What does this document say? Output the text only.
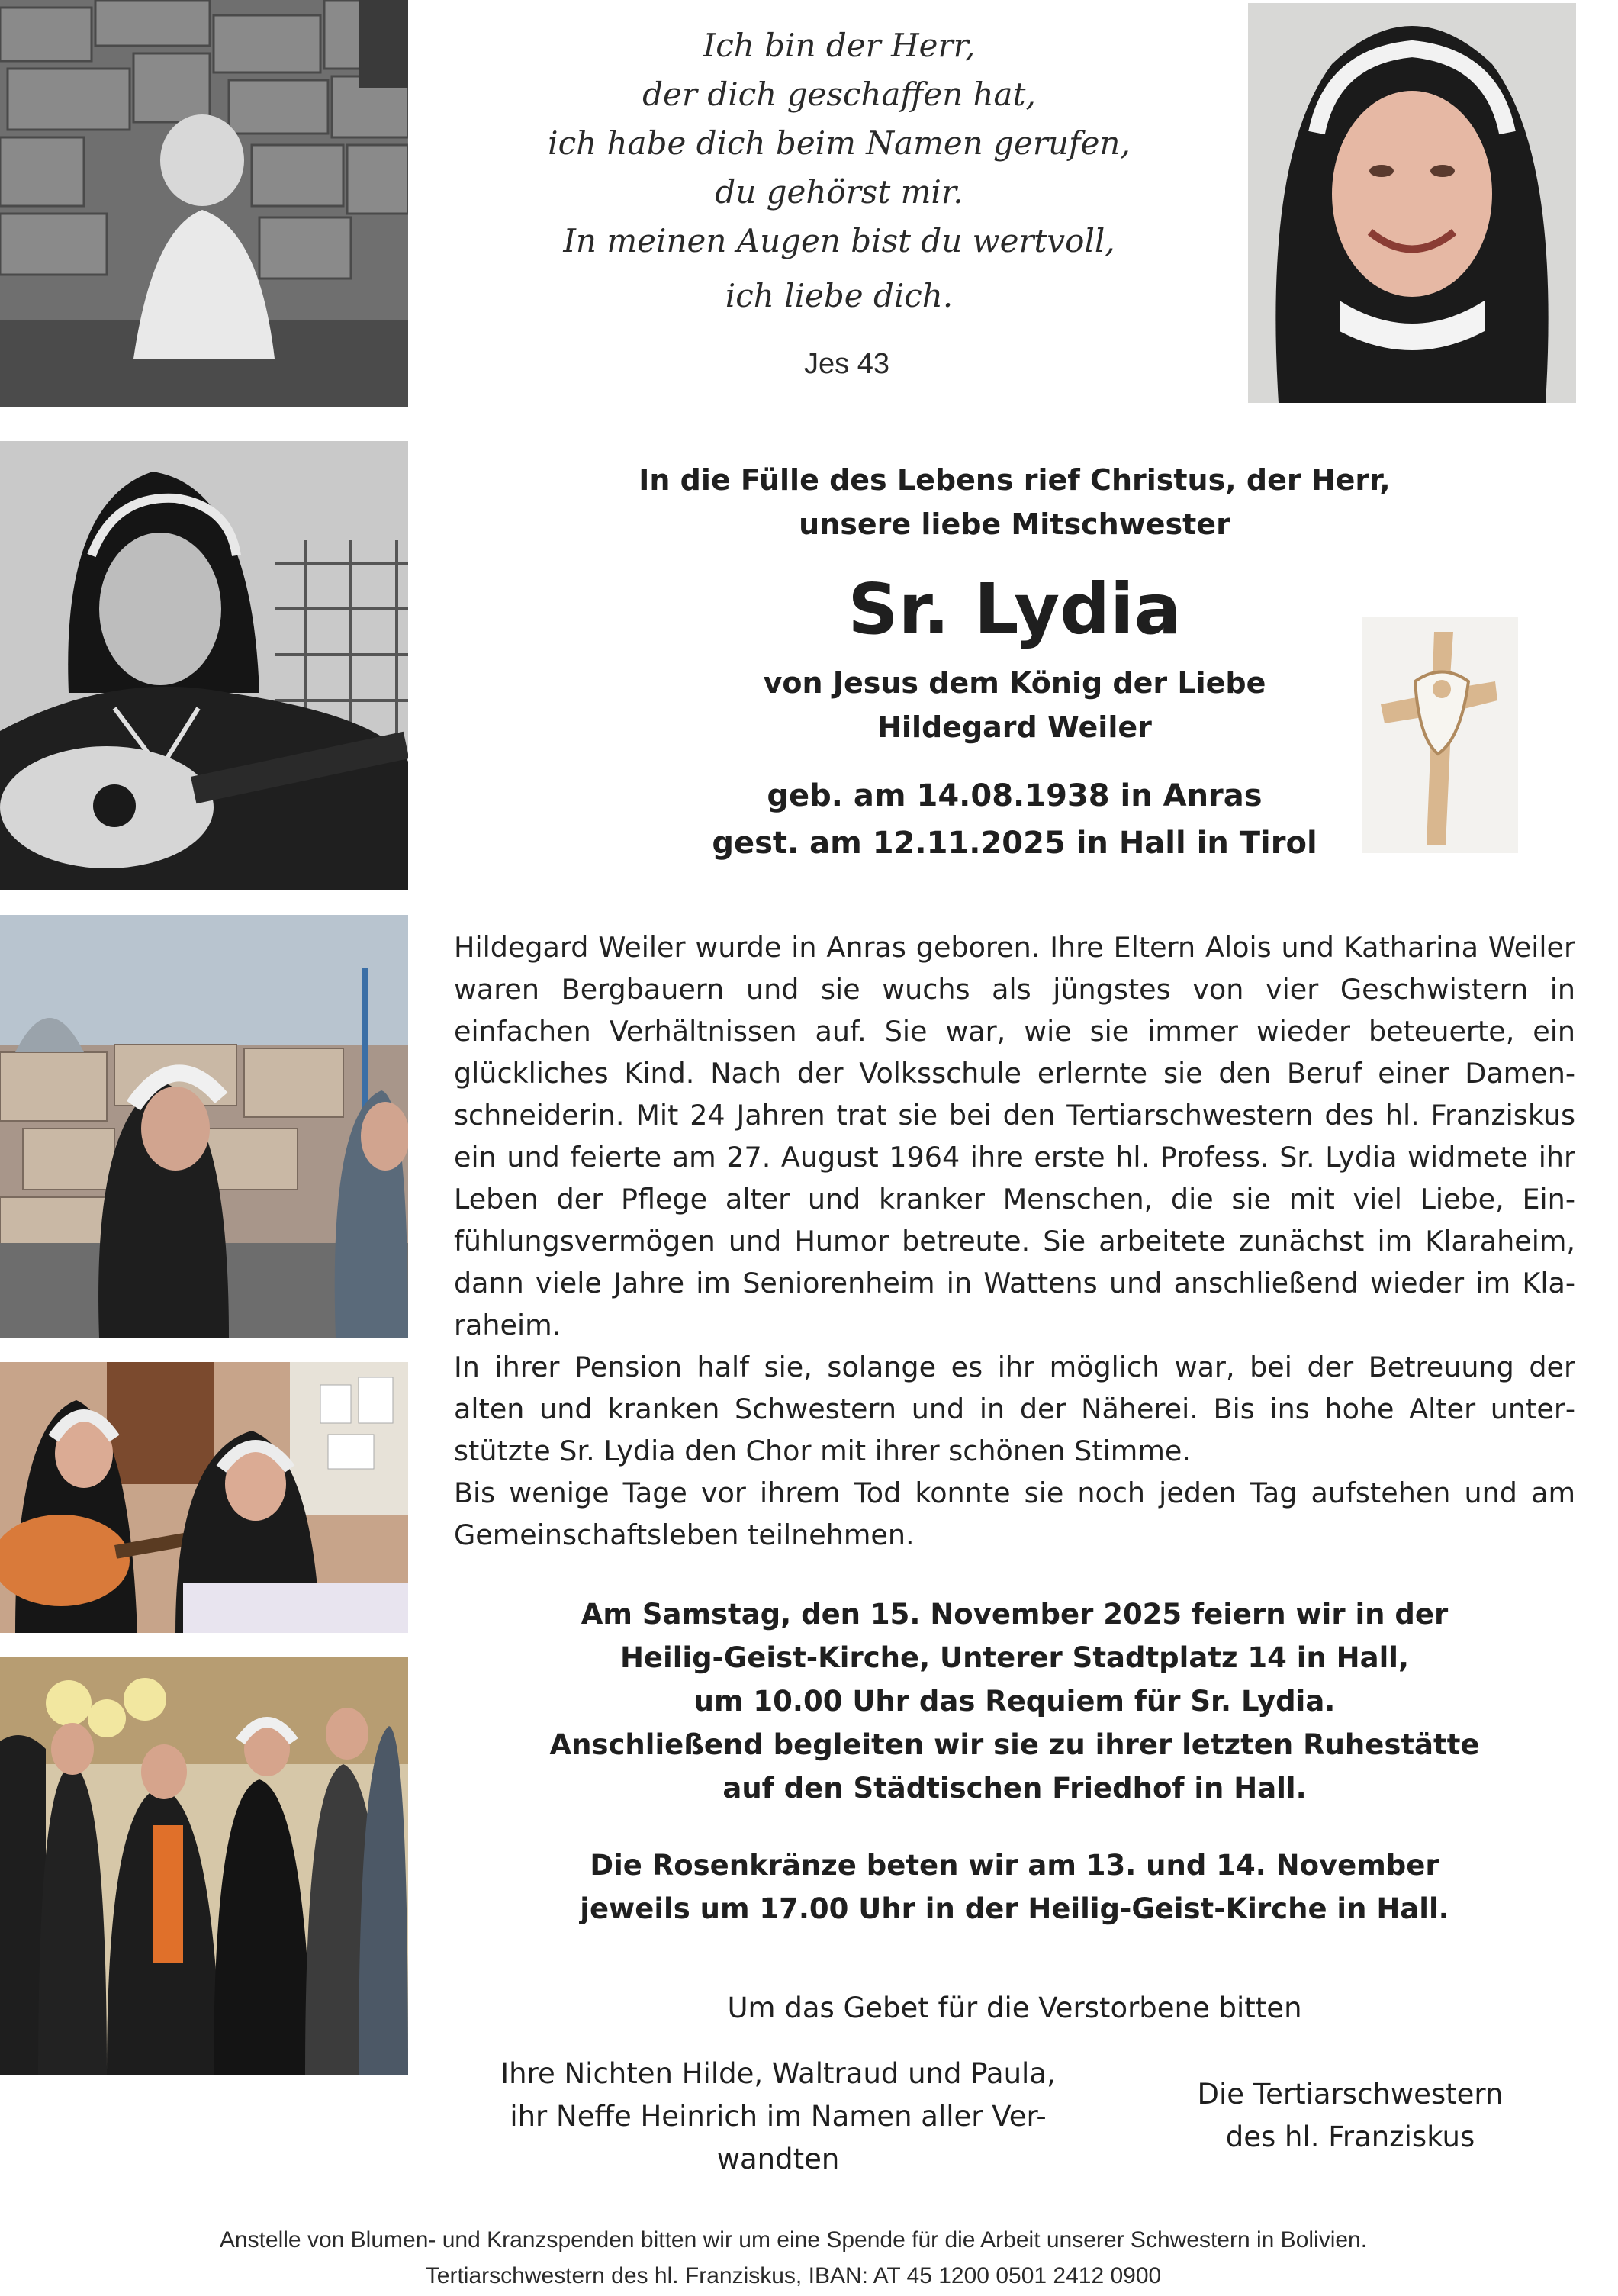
Ich bin der Herr,
der dich geschaffen hat,
ich habe dich beim Namen gerufen,
du gehörst mir.
In meinen Augen bist du wertvoll,
ich liebe dich.
Jes 43
In die Fülle des Lebens rief Christus, der Herr,
unsere liebe Mitschwester
Sr. Lydia
von Jesus dem König der Liebe
Hildegard Weiler
geb. am 14.08.1938 in Anras
gest. am 12.11.2025 in Hall in Tirol

Hildegard Weiler wurde in Anras geboren. Ihre Eltern Alois und Katharina Weiler waren Bergbauern und sie wuchs als jüngstes von vier Geschwistern in einfachen Verhältnissen auf. Sie war, wie sie immer wieder beteuerte, ein glückliches Kind. Nach der Volksschule erlernte sie den Beruf einer Damenschneiderin. Mit 24 Jahren trat sie bei den Tertiarschwestern des hl. Franziskus ein und feierte am 27. August 1964 ihre erste hl. Profess. Sr. Lydia widmete ihr Leben der Pflege alter und kranker Menschen, die sie mit viel Liebe, Einfühlungsvermögen und Humor betreute. Sie arbeitete zunächst im Klaraheim, dann viele Jahre im Seniorenheim in Wattens und anschließend wieder im Klaraheim.

In ihrer Pension half sie, solange es ihr möglich war, bei der Betreuung der alten und kranken Schwestern und in der Näherei. Bis ins hohe Alter unterstützte Sr. Lydia den Chor mit ihrer schönen Stimme.

Bis wenige Tage vor ihrem Tod konnte sie noch jeden Tag aufstehen und am Gemeinschaftsleben teilnehmen.

Am Samstag, den 15. November 2025 feiern wir in der
Heilig-Geist-Kirche, Unterer Stadtplatz 14 in Hall,
um 10.00 Uhr das Requiem für Sr. Lydia.
Anschließend begleiten wir sie zu ihrer letzten Ruhestätte
auf den Städtischen Friedhof in Hall.
Die Rosenkränze beten wir am 13. und 14. November
jeweils um 17.00 Uhr in der Heilig-Geist-Kirche in Hall.
Um das Gebet für die Verstorbene bitten
Ihre Nichten Hilde, Waltraud und Paula,
ihr Neffe Heinrich im Namen aller Ver-
wandten
Die Tertiarschwestern
des hl. Franziskus
Anstelle von Blumen- und Kranzspenden bitten wir um eine Spende für die Arbeit unserer Schwestern in Bolivien.
Tertiarschwestern des hl. Franziskus, IBAN: AT 45 1200 0501 2412 0900
